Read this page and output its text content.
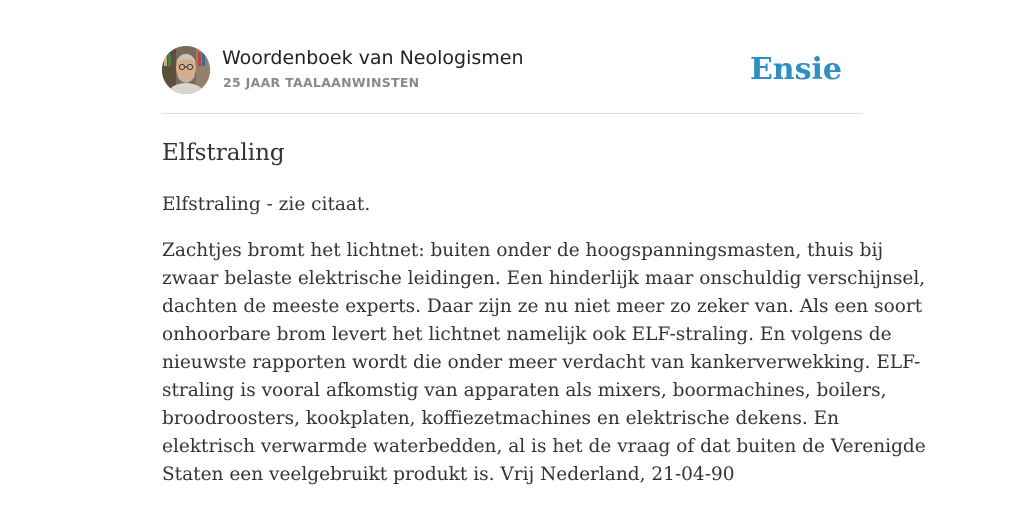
Woordenboek van Neologismen
25 JAAR TAALAANWINSTEN	Ensie
Elfstraling

Elfstraling - zie citaat.

Zachtjes bromt het lichtnet: buiten onder de hoogspanningsmasten, thuis bij
zwaar belaste elektrische leidingen. Een hinderlijk maar onschuldig verschijnsel,
dachten de meeste experts. Daar zijn ze nu niet meer zo zeker van. Als een soort
onhoorbare brom levert het lichtnet namelijk ook ELF-straling. En volgens de
nieuwste rapporten wordt die onder meer verdacht van kankerverwekking. ELF-
straling is vooral afkomstig van apparaten als mixers, boormachines, boilers,
broodroosters, kookplaten, koffiezetmachines en elektrische dekens. En
elektrisch verwarmde waterbedden, al is het de vraag of dat buiten de Verenigde
Staten een veelgebruikt produkt is. Vrij Nederland, 21-04-90
